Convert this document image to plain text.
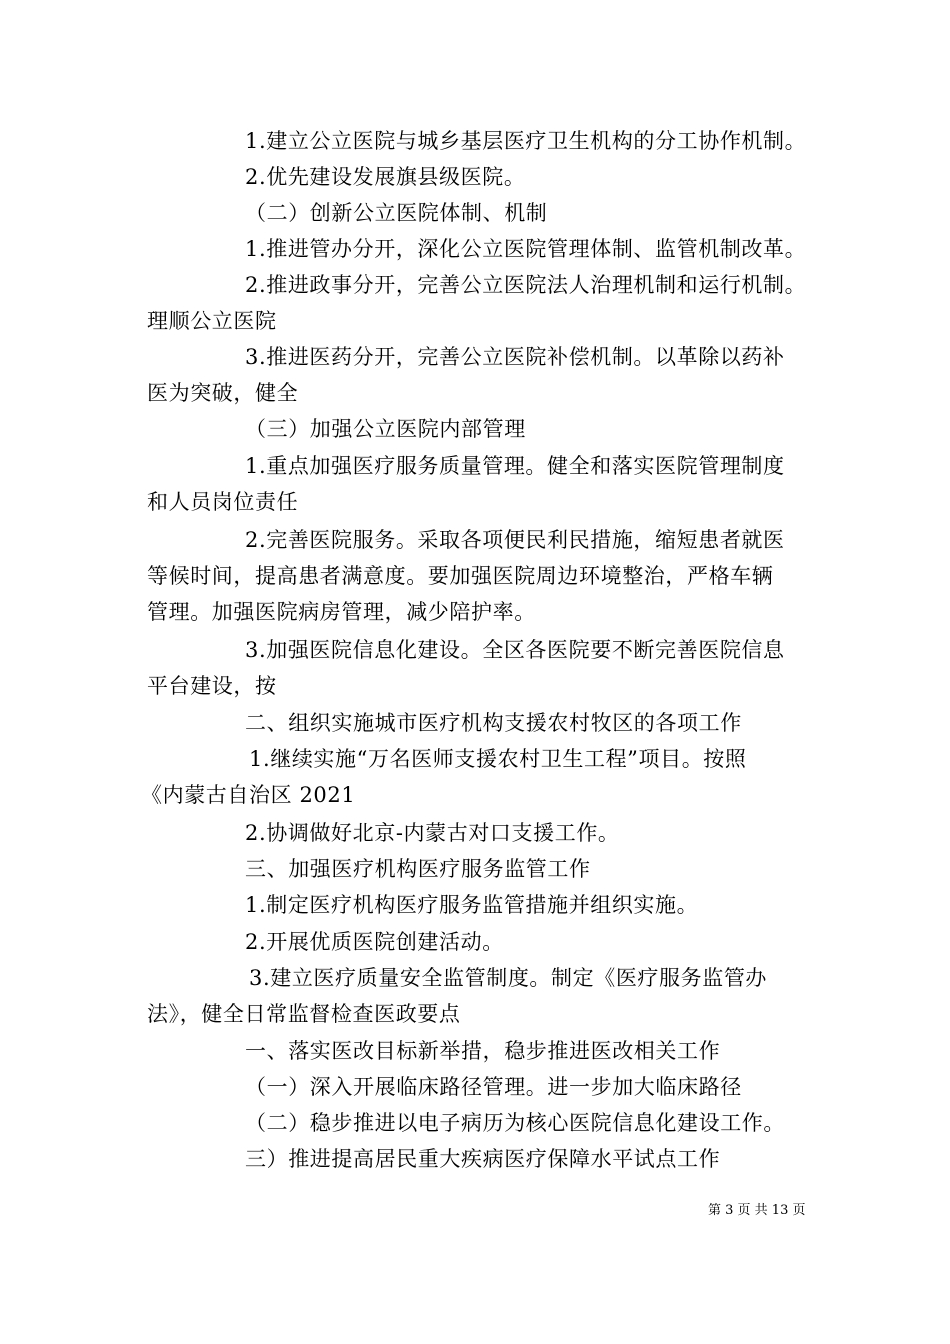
1.建立公立医院与城乡基层医疗卫生机构的分工协作机制。
2.优先建设发展旗县级医院。
（二）创新公立医院体制、机制
1.推进管办分开，深化公立医院管理体制、监管机制改革。
2.推进政事分开，完善公立医院法人治理机制和运行机制。
理顺公立医院
3.推进医药分开，完善公立医院补偿机制。以革除以药补
医为突破，健全
（三）加强公立医院内部管理
1.重点加强医疗服务质量管理。健全和落实医院管理制度
和人员岗位责任
2.完善医院服务。采取各项便民利民措施，缩短患者就医
等候时间，提高患者满意度。要加强医院周边环境整治，严格车辆
管理。加强医院病房管理，减少陪护率。
3.加强医院信息化建设。全区各医院要不断完善医院信息
平台建设，按
二、组织实施城市医疗机构支援农村牧区的各项工作
1.继续实施“万名医师支援农村卫生工程”项目。按照
《内蒙古自治区 2021
2.协调做好北京-内蒙古对口支援工作。
三、加强医疗机构医疗服务监管工作
1.制定医疗机构医疗服务监管措施并组织实施。
2.开展优质医院创建活动。
3.建立医疗质量安全监管制度。制定《医疗服务监管办
法》，健全日常监督检查医政要点
一、落实医改目标新举措，稳步推进医改相关工作
（一）深入开展临床路径管理。进一步加大临床路径
（二）稳步推进以电子病历为核心医院信息化建设工作。
三）推进提高居民重大疾病医疗保障水平试点工作
第 3 页 共 13 页
